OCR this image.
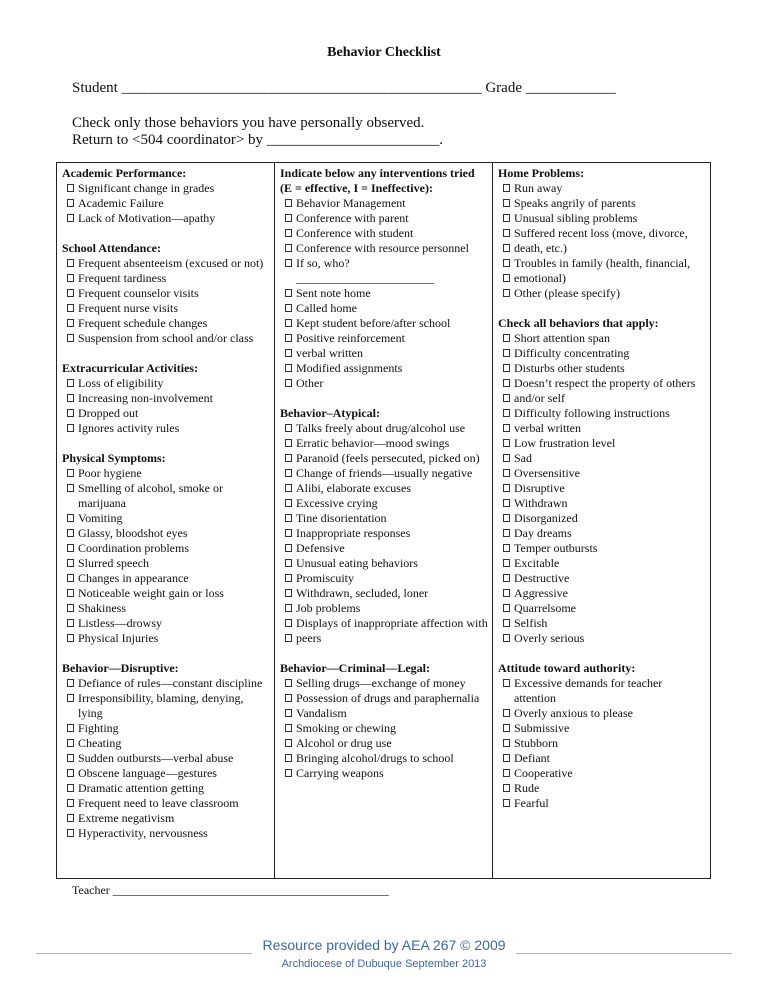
Behavior Checklist
Student ________________________________________________ Grade ____________
Check only those behaviors you have personally observed.
Return to <504 coordinator> by _______________________.
Academic Performance:
Significant change in grades
Academic Failure
Lack of Motivation—apathy
School Attendance:
Frequent absenteeism (excused or not)
Frequent tardiness
Frequent counselor visits
Frequent nurse visits
Frequent schedule changes
Suspension from school and/or class
Extracurricular Activities:
Loss of eligibility
Increasing non-involvement
Dropped out
Ignores activity rules
Physical Symptoms:
Poor hygiene
Smelling of alcohol, smoke or marijuana
Vomiting
Glassy, bloodshot eyes
Coordination problems
Slurred speech
Changes in appearance
Noticeable weight gain or loss
Shakiness
Listless—drowsy
Physical Injuries
Behavior—Disruptive:
Defiance of rules—constant discipline
Irresponsibility, blaming, denying, lying
Fighting
Cheating
Sudden outbursts—verbal abuse
Obscene language—gestures
Dramatic attention getting
Frequent need to leave classroom
Extreme negativism
Hyperactivity, nervousness

Indicate below any interventions tried (E = effective, I = Ineffective):
Behavior Management
Conference with parent
Conference with student
Conference with resource personnel
If so, who?
_______________________
Sent note home
Called home
Kept student before/after school
Positive reinforcement
verbal written
Modified assignments
Other
Behavior–Atypical:
Talks freely about drug/alcohol use
Erratic behavior—mood swings
Paranoid (feels persecuted, picked on)
Change of friends—usually negative
Alibi, elaborate excuses
Excessive crying
Tine disorientation
Inappropriate responses
Defensive
Unusual eating behaviors
Promiscuity
Withdrawn, secluded, loner
Job problems
Displays of inappropriate affection with
peers
Behavior—Criminal—Legal:
Selling drugs—exchange of money
Possession of drugs and paraphernalia
Vandalism
Smoking or chewing
Alcohol or drug use
Bringing alcohol/drugs to school
Carrying weapons

Home Problems:
Run away
Speaks angrily of parents
Unusual sibling problems
Suffered recent loss (move, divorce,
death, etc.)
Troubles in family (health, financial,
emotional)
Other (please specify)
Check all behaviors that apply:
Short attention span
Difficulty concentrating
Disturbs other students
Doesn’t respect the property of others
and/or self
Difficulty following instructions
verbal written
Low frustration level
Sad
Oversensitive
Disruptive
Withdrawn
Disorganized
Day dreams
Temper outbursts
Excitable
Destructive
Aggressive
Quarrelsome
Selfish
Overly serious
Attitude toward authority:
Excessive demands for teacher attention
Overly anxious to please
Submissive
Stubborn
Defiant
Cooperative
Rude
Fearful
Teacher ______________________________________________
Resource provided by AEA 267 © 2009
Archdiocese of Dubuque September 2013
